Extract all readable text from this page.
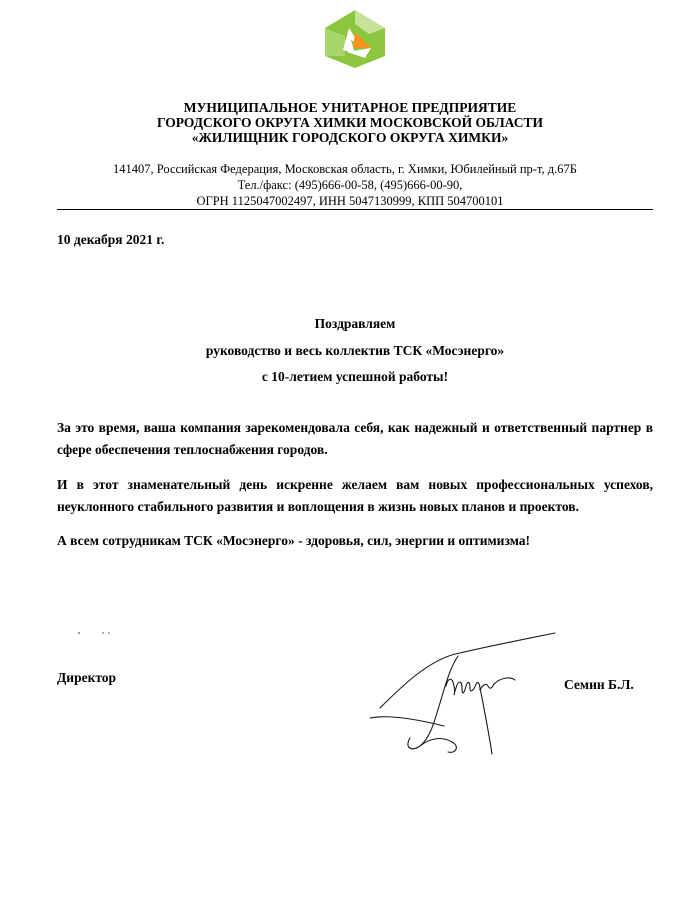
МУНИЦИПАЛЬНОЕ УНИТАРНОЕ ПРЕДПРИЯТИЕ
ГОРОДСКОГО ОКРУГА ХИМКИ МОСКОВСКОЙ ОБЛАСТИ
«ЖИЛИЩНИК ГОРОДСКОГО ОКРУГА ХИМКИ»
141407, Российская Федерация, Московская область, г. Химки, Юбилейный пр-т, д.67Б
Тел./факс: (495)666-00-58, (495)666-00-90,
ОГРН 1125047002497, ИНН 5047130999, КПП 504700101
10 декабря 2021 г.
Поздравляем
руководство и весь коллектив ТСК «Мосэнерго»
с 10-летием успешной работы!
За это время, ваша компания зарекомендовала себя, как надежный и ответственный партнер в сфере обеспечения теплоснабжения городов.
И в этот знаменательный день искренне желаем вам новых профессиональных успехов, неуклонного стабильного развития и воплощения в жизнь новых планов и проектов.
А всем сотрудникам ТСК «Мосэнерго» - здоровья, сил, энергии и оптимизма!
Директор	Семин Б.Л.
